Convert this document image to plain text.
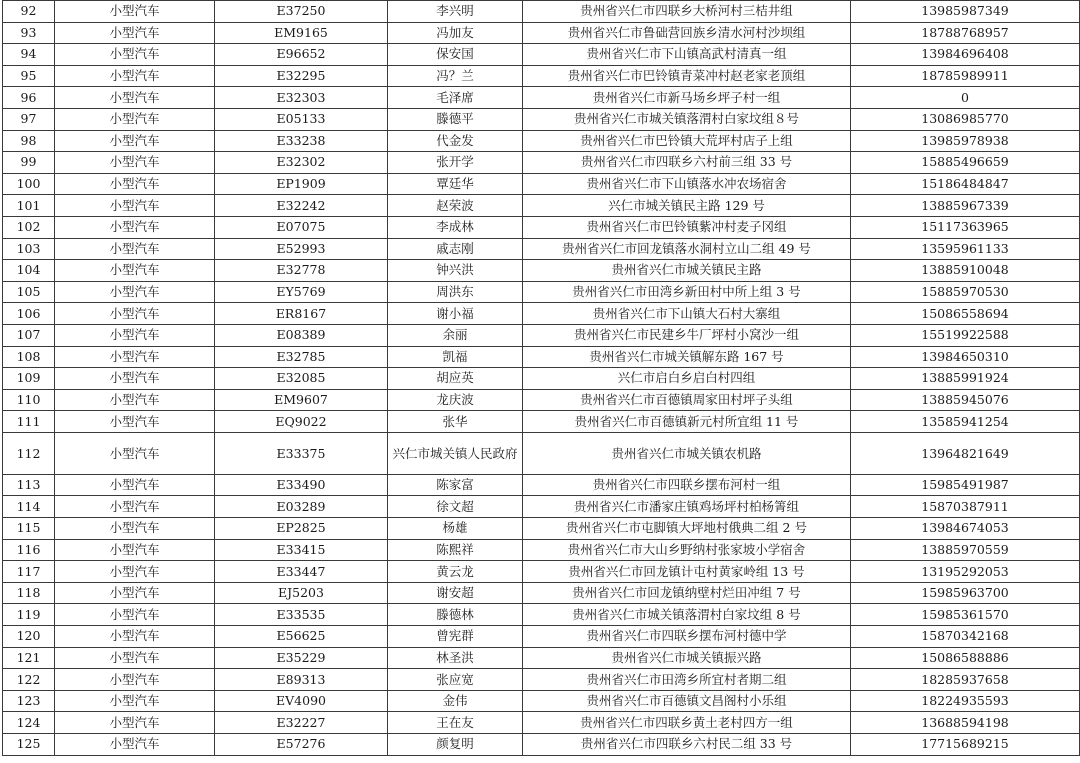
92	小型汽车	E37250	李兴明	贵州省兴仁市四联乡大桥河村三桔井组	13985987349
93	小型汽车	EM9165	冯加友	贵州省兴仁市鲁础营回族乡清水河村沙坝组	18788768957
94	小型汽车	E96652	保安国	贵州省兴仁市下山镇高武村清真一组	13984696408
95	小型汽车	E32295	冯？兰	贵州省兴仁市巴铃镇青菜冲村赵老家老顶组	18785989911
96	小型汽车	E32303	毛泽席	贵州省兴仁市新马场乡坪子村一组	0
97	小型汽车	E05133	滕德平	贵州省兴仁市城关镇落渭村白家坟组８号	13086985770
98	小型汽车	E33238	代金发	贵州省兴仁市巴铃镇大荒坪村店子上组	13985978938
99	小型汽车	E32302	张开学	贵州省兴仁市四联乡六村前三组 33 号	15885496659
100	小型汽车	EP1909	覃廷华	贵州省兴仁市下山镇落水冲农场宿舍	15186484847
101	小型汽车	E32242	赵荣波	兴仁市城关镇民主路 129 号	13885967339
102	小型汽车	E07075	李成林	贵州省兴仁市巴铃镇紫冲村麦子冈组	15117363965
103	小型汽车	E52993	戚志刚	贵州省兴仁市回龙镇落水洞村立山二组 49 号	13595961133
104	小型汽车	E32778	钟兴洪	贵州省兴仁市城关镇民主路	13885910048
105	小型汽车	EY5769	周洪东	贵州省兴仁市田湾乡新田村中所上组 3 号	15885970530
106	小型汽车	ER8167	谢小福	贵州省兴仁市下山镇大石村大寨组	15086558694
107	小型汽车	E08389	余丽	贵州省兴仁市民建乡牛厂坪村小窝沙一组	15519922588
108	小型汽车	E32785	凯福	贵州省兴仁市城关镇解东路 167 号	13984650310
109	小型汽车	E32085	胡应英	兴仁市启白乡启白村四组	13885991924
110	小型汽车	EM9607	龙庆波	贵州省兴仁市百德镇周家田村坪子头组	13885945076
111	小型汽车	EQ9022	张华	贵州省兴仁市百德镇新元村所宜组 11 号	13585941254
112	小型汽车	E33375	兴仁市城关镇人民政府	贵州省兴仁市城关镇农机路	13964821649
113	小型汽车	E33490	陈家富	贵州省兴仁市四联乡摆布河村一组	15985491987
114	小型汽车	E03289	徐文超	贵州省兴仁市潘家庄镇鸡场坪村柏杨箐组	15870387911
115	小型汽车	EP2825	杨雄	贵州省兴仁市屯脚镇大坪地村俄典二组 2 号	13984674053
116	小型汽车	E33415	陈熙祥	贵州省兴仁市大山乡野纳村张家坡小学宿舍	13885970559
117	小型汽车	E33447	黄云龙	贵州省兴仁市回龙镇计屯村黄家岭组 13 号	13195292053
118	小型汽车	EJ5203	谢安超	贵州省兴仁市回龙镇纳壁村烂田冲组 7 号	15985963700
119	小型汽车	E33535	滕德林	贵州省兴仁市城关镇落渭村白家坟组 8 号	15985361570
120	小型汽车	E56625	曾宪群	贵州省兴仁市四联乡摆布河村德中学	15870342168
121	小型汽车	E35229	林圣洪	贵州省兴仁市城关镇振兴路	15086588886
122	小型汽车	E89313	张应宽	贵州省兴仁市田湾乡所宜村者期二组	18285937658
123	小型汽车	EV4090	金伟	贵州省兴仁市百德镇文昌阁村小乐组	18224935593
124	小型汽车	E32227	王在友	贵州省兴仁市四联乡黄土老村四方一组	13688594198
125	小型汽车	E57276	颜复明	贵州省兴仁市四联乡六村民二组 33 号	17715689215
